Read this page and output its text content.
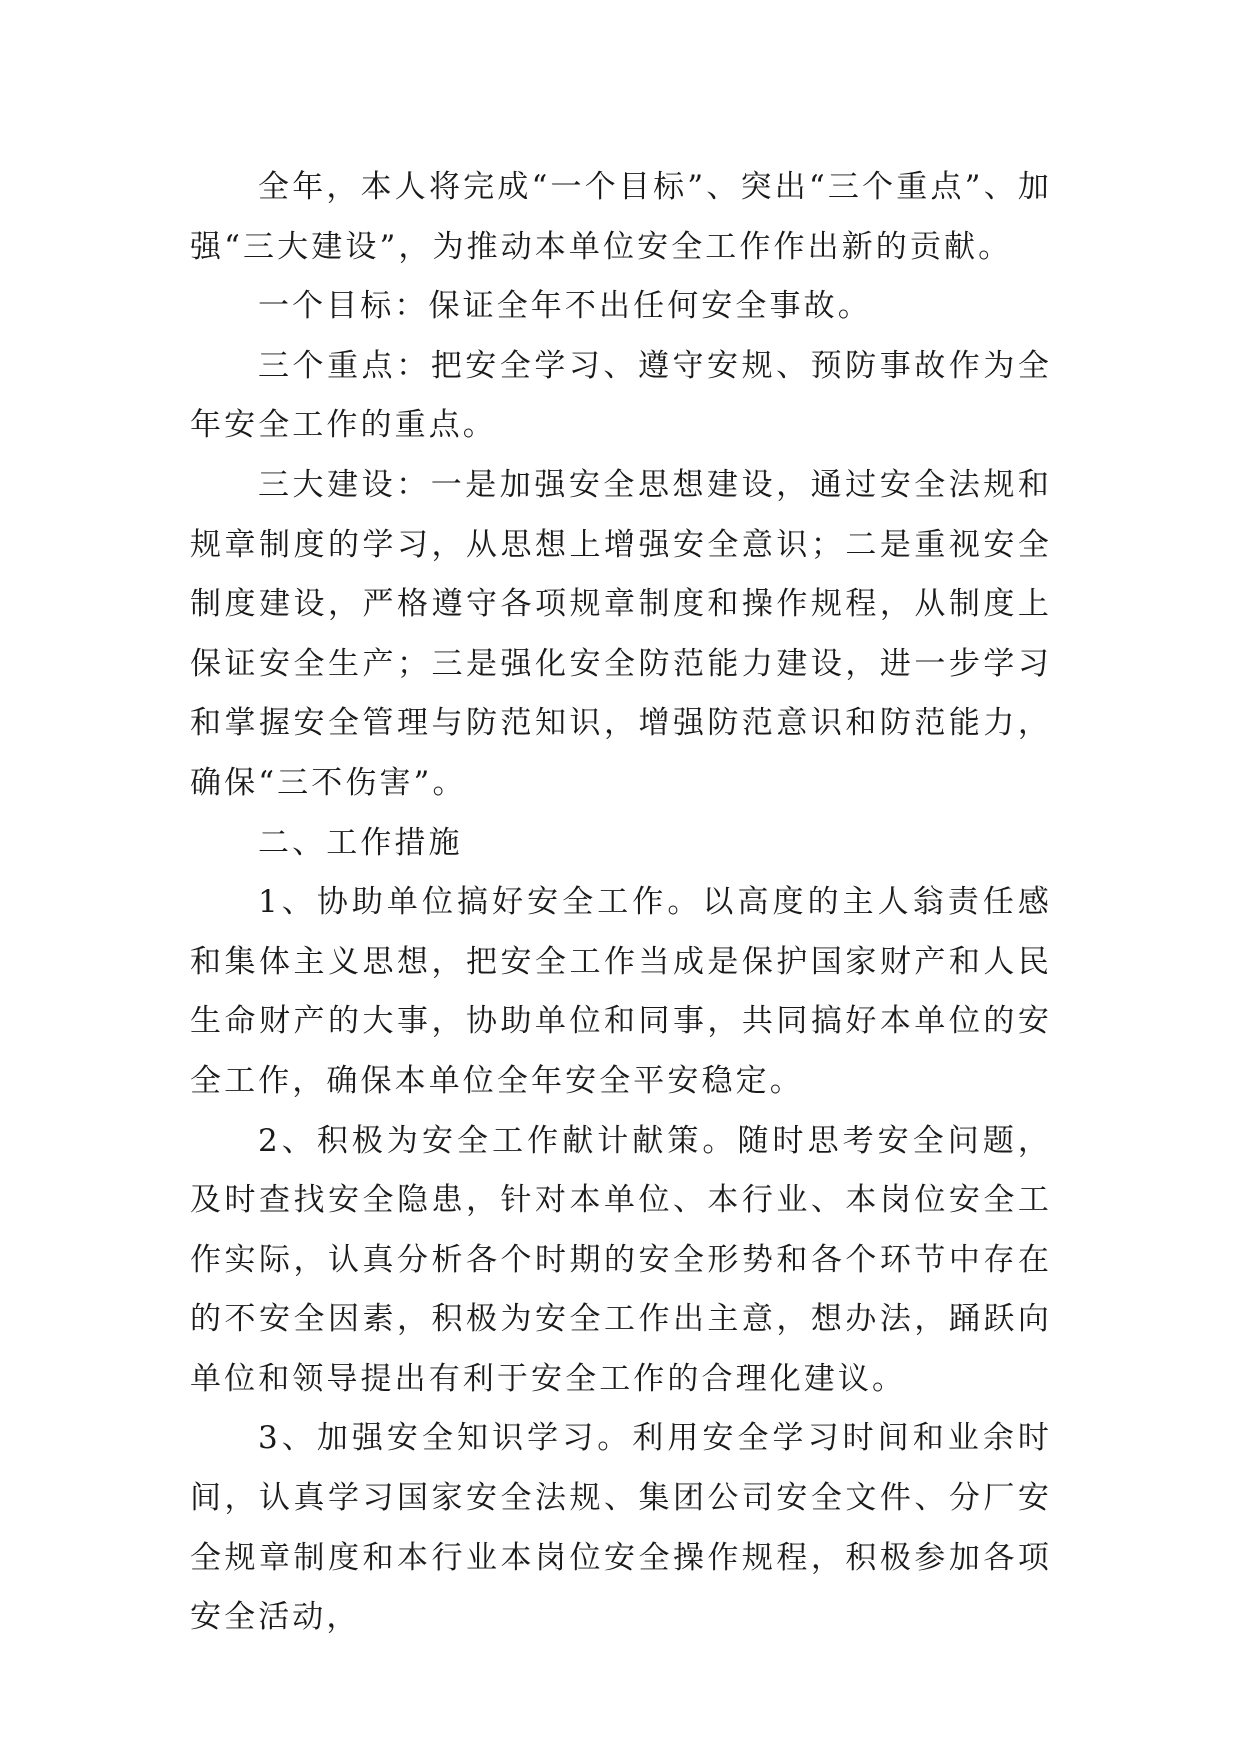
全年，本人将完成“一个目标”、突出“三个重点”、加强“三大建设”，为推动本单位安全工作作出新的贡献。

一个目标：保证全年不出任何安全事故。

三个重点：把安全学习、遵守安规、预防事故作为全年安全工作的重点。

三大建设：一是加强安全思想建设，通过安全法规和规章制度的学习，从思想上增强安全意识；二是重视安全制度建设，严格遵守各项规章制度和操作规程，从制度上保证安全生产；三是强化安全防范能力建设，进一步学习和掌握安全管理与防范知识，增强防范意识和防范能力，确保“三不伤害”。

二、工作措施

1、协助单位搞好安全工作。以高度的主人翁责任感和集体主义思想，把安全工作当成是保护国家财产和人民生命财产的大事，协助单位和同事，共同搞好本单位的安全工作，确保本单位全年安全平安稳定。

2、积极为安全工作献计献策。随时思考安全问题，及时查找安全隐患，针对本单位、本行业、本岗位安全工作实际，认真分析各个时期的安全形势和各个环节中存在的不安全因素，积极为安全工作出主意，想办法，踊跃向单位和领导提出有利于安全工作的合理化建议。

3、加强安全知识学习。利用安全学习时间和业余时间，认真学习国家安全法规、集团公司安全文件、分厂安全规章制度和本行业本岗位安全操作规程，积极参加各项安全活动，
